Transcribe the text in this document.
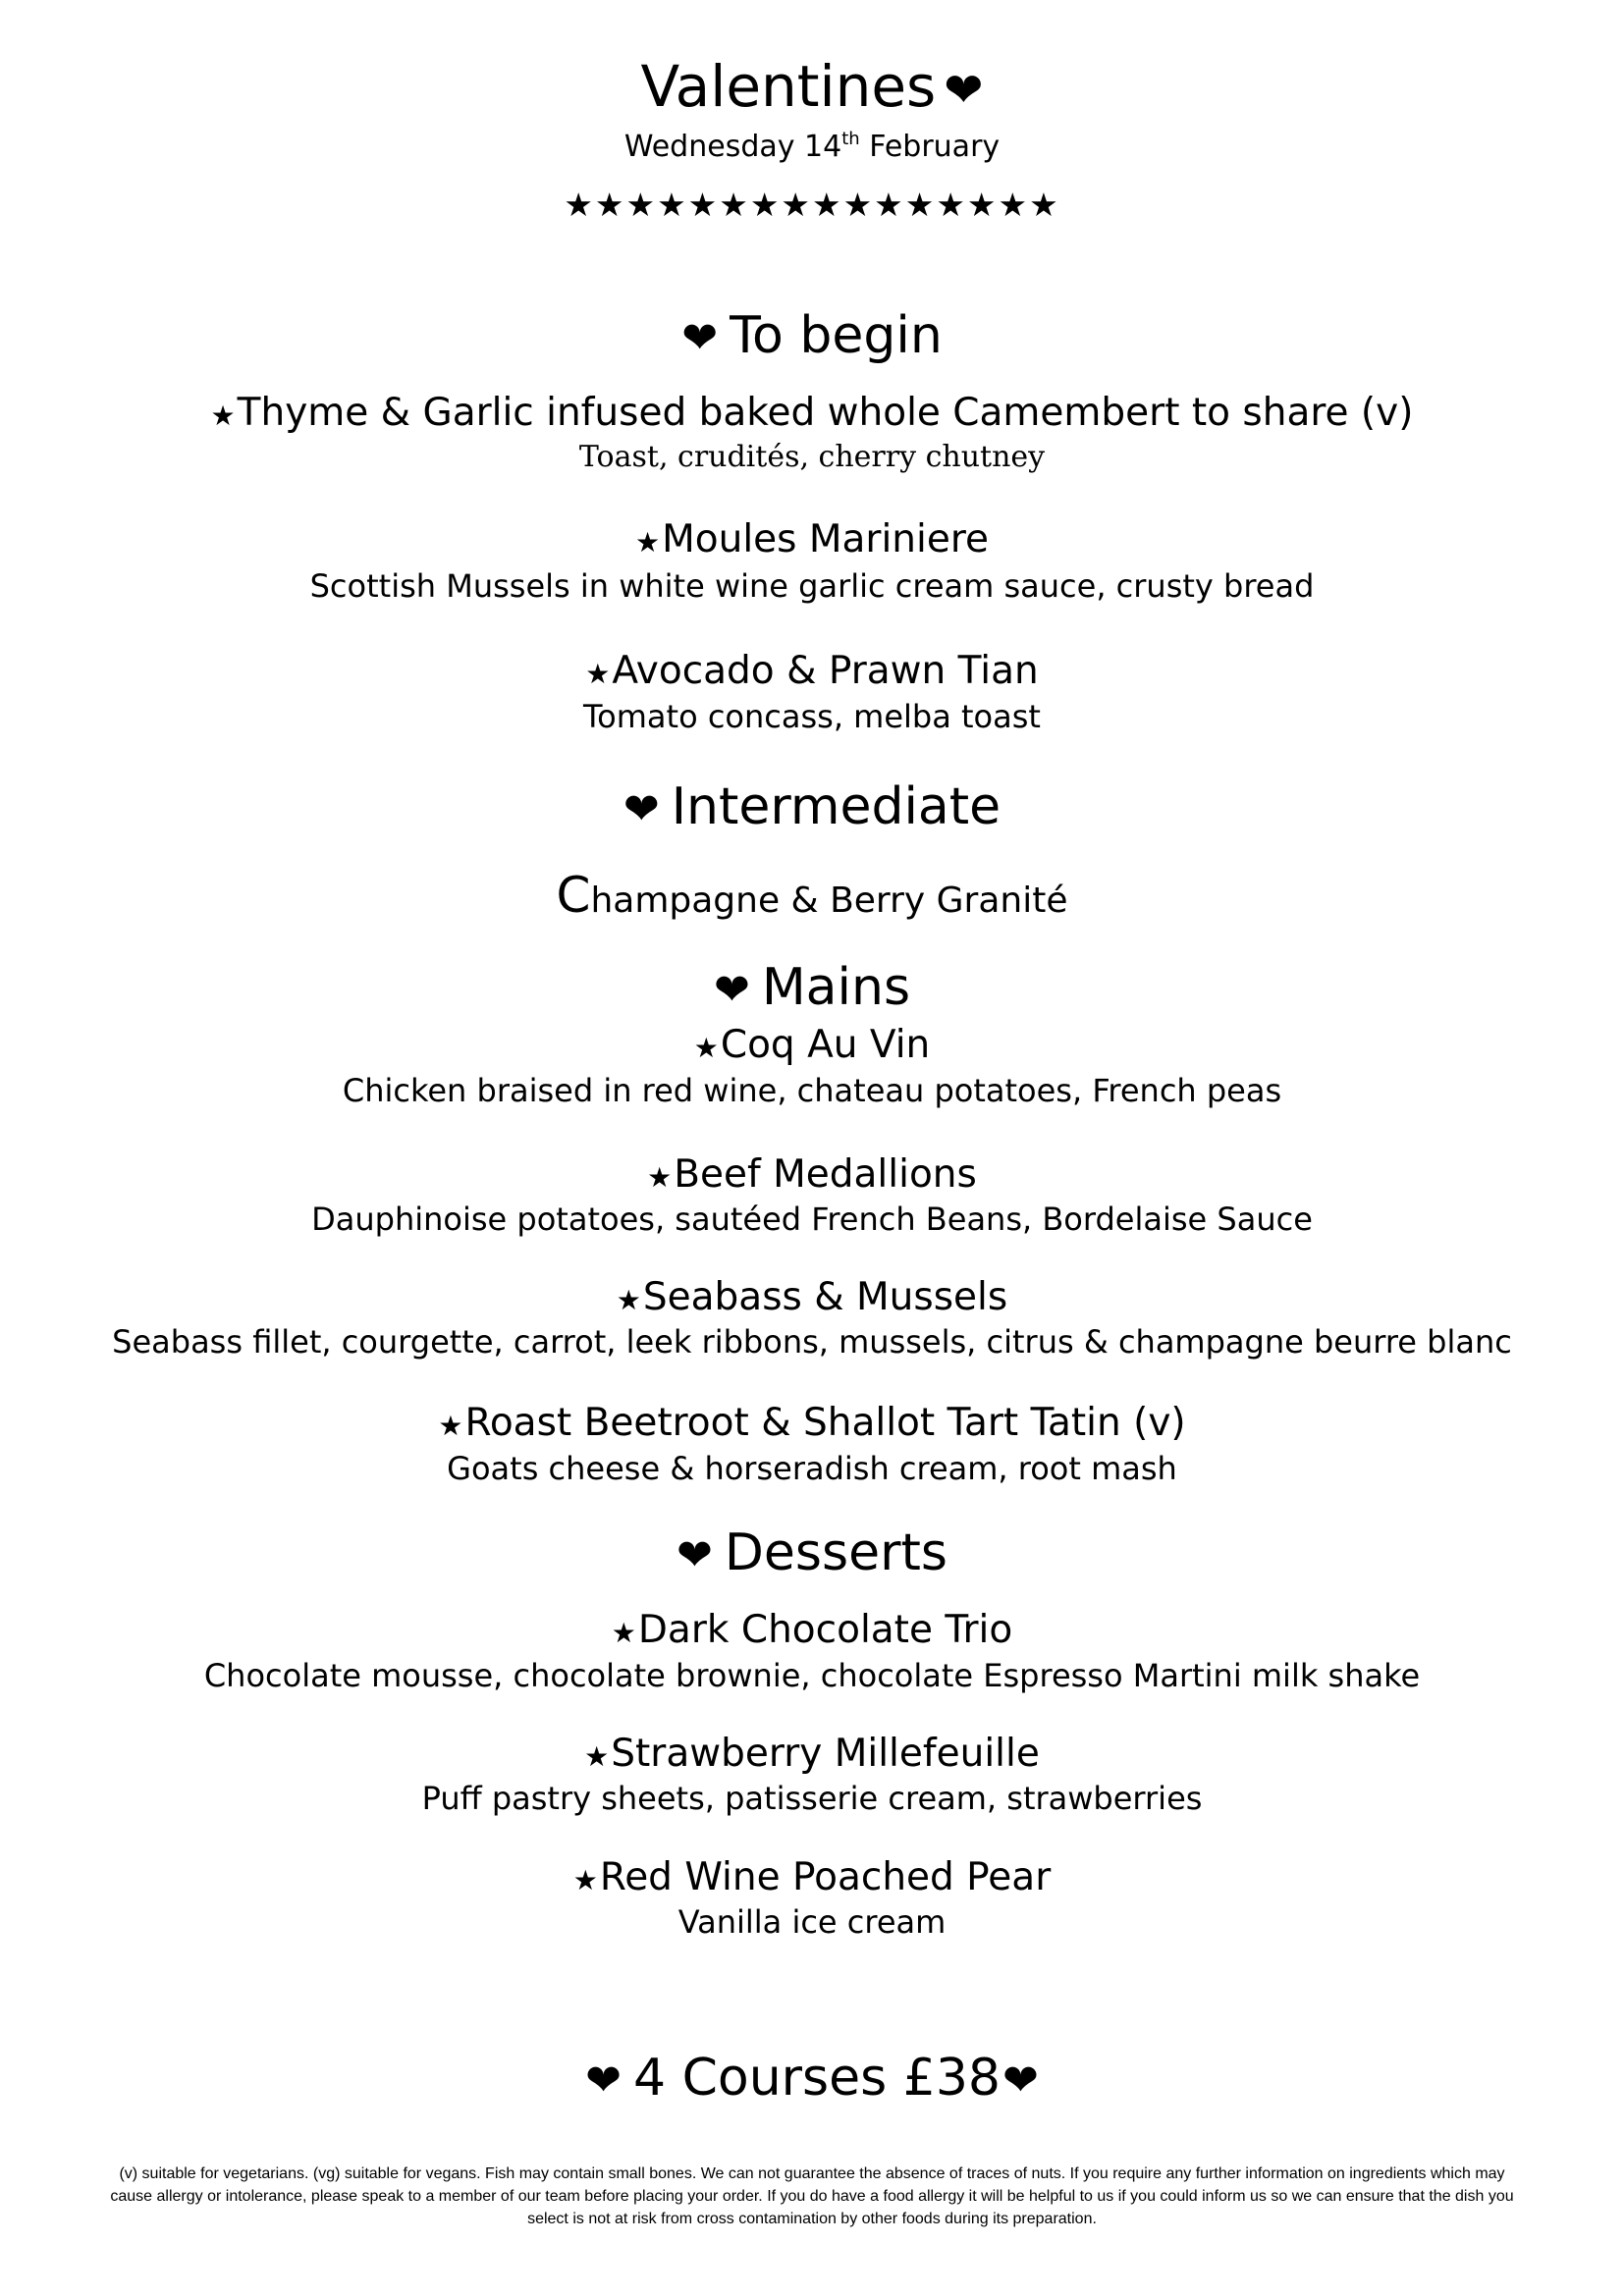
Valentines ❤
Wednesday 14th February
★★★★★★★★★★★★★★★★
❤ To begin
★Thyme & Garlic infused baked whole Camembert to share (v)
Toast, crudités, cherry chutney
★Moules Mariniere
Scottish Mussels in white wine garlic cream sauce, crusty bread
★Avocado & Prawn Tian
Tomato concass, melba toast
❤ Intermediate
Champagne & Berry Granité
❤ Mains
★Coq Au Vin
Chicken braised in red wine, chateau potatoes, French peas
★Beef Medallions
Dauphinoise potatoes, sautéed French Beans, Bordelaise Sauce
★Seabass & Mussels
Seabass fillet, courgette, carrot, leek ribbons, mussels, citrus & champagne beurre blanc
★Roast Beetroot & Shallot Tart Tatin (v)
Goats cheese & horseradish cream, root mash
❤ Desserts
★Dark Chocolate Trio
Chocolate mousse, chocolate brownie, chocolate Espresso Martini milk shake
★Strawberry Millefeuille
Puff pastry sheets, patisserie cream, strawberries
★Red Wine Poached Pear
Vanilla ice cream
❤ 4 Courses £38❤
(v) suitable for vegetarians. (vg) suitable for vegans. Fish may contain small bones. We can not guarantee the absence of traces of nuts. If you require any further information on ingredients which may cause allergy or intolerance, please speak to a member of our team before placing your order. If you do have a food allergy it will be helpful to us if you could inform us so we can ensure that the dish you select is not at risk from cross contamination by other foods during its preparation.
